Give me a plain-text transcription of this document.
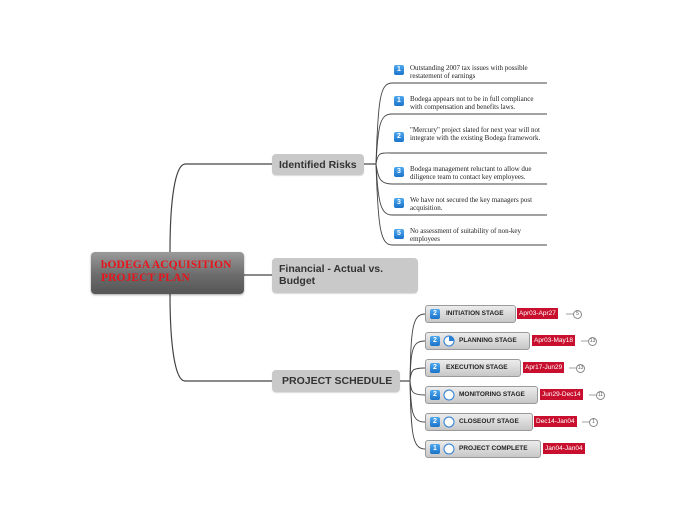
bODEGA ACQUISITION
PROJECT PLAN
Identified Risks
Financial - Actual vs. Budget
PROJECT SCHEDULE
1	Outstanding 2007 tax issues with possible restatement of earnings
1	Bodega appears not to be in full compliance with compensation and benefits laws.
2
"Mercury" project slated for next year will not integrate with the existing Bodega framework.
3	Bodega management reluctant to allow due diligence team to contact key employees.
3	We have not secured the key managers post acquisition.
5	No assessment of suitability of non-key employees
2	INITIATION STAGE	Apr03-Apr27	5
2	PLANNING STAGE	Apr03-May18	13
2	EXECUTION STAGE	Apr17-Jun29	13
2	MONITORING STAGE	Jun29-Dec14	11
2	CLOSEOUT STAGE	Dec14-Jan04	1
1	PROJECT COMPLETE	Jan04-Jan04
